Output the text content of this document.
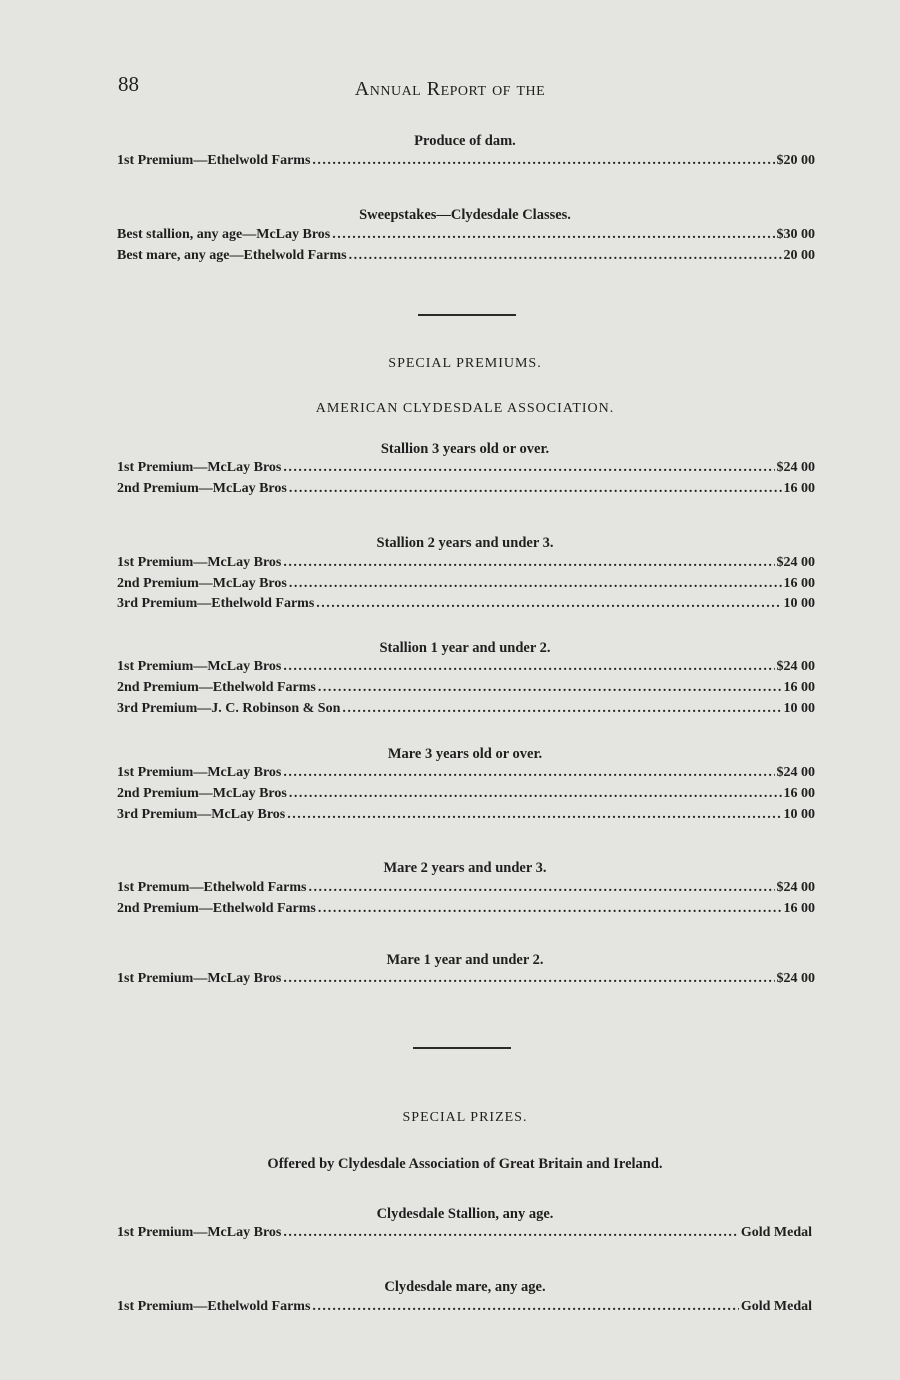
88	Annual Report of the
Produce of dam.
1st Premium—Ethelwold Farms .....	$20 00
Sweepstakes—Clydesdale Classes.
Best stallion, any age—McLay Bros .....	$30 00
Best mare, any age—Ethelwold Farms .....	20 00
SPECIAL PREMIUMS.
AMERICAN CLYDESDALE ASSOCIATION.
Stallion 3 years old or over.
1st Premium—McLay Bros .....	$24 00
2nd Premium—McLay Bros .....	16 00
Stallion 2 years and under 3.
1st Premium—McLay Bros .....	$24 00
2nd Premium—McLay Bros .....	16 00
3rd Premium—Ethelwold Farms .....	10 00
Stallion 1 year and under 2.
1st Premium—McLay Bros .....	$24 00
2nd Premium—Ethelwold Farms .....	16 00
3rd Premium—J. C. Robinson & Son .....	10 00
Mare 3 years old or over.
1st Premium—McLay Bros .....	$24 00
2nd Premium—McLay Bros .....	16 00
3rd Premium—McLay Bros .....	10 00
Mare 2 years and under 3.
1st Premum—Ethelwold Farms .....	$24 00
2nd Premium—Ethelwold Farms .....	16 00
Mare 1 year and under 2.
1st Premium—McLay Bros .....	$24 00
SPECIAL PRIZES.
Offered by Clydesdale Association of Great Britain and Ireland.
Clydesdale Stallion, any age.
1st Premium—McLay Bros .....	Gold Medal
Clydesdale mare, any age.
1st Premium—Ethelwold Farms .....	Gold Medal
